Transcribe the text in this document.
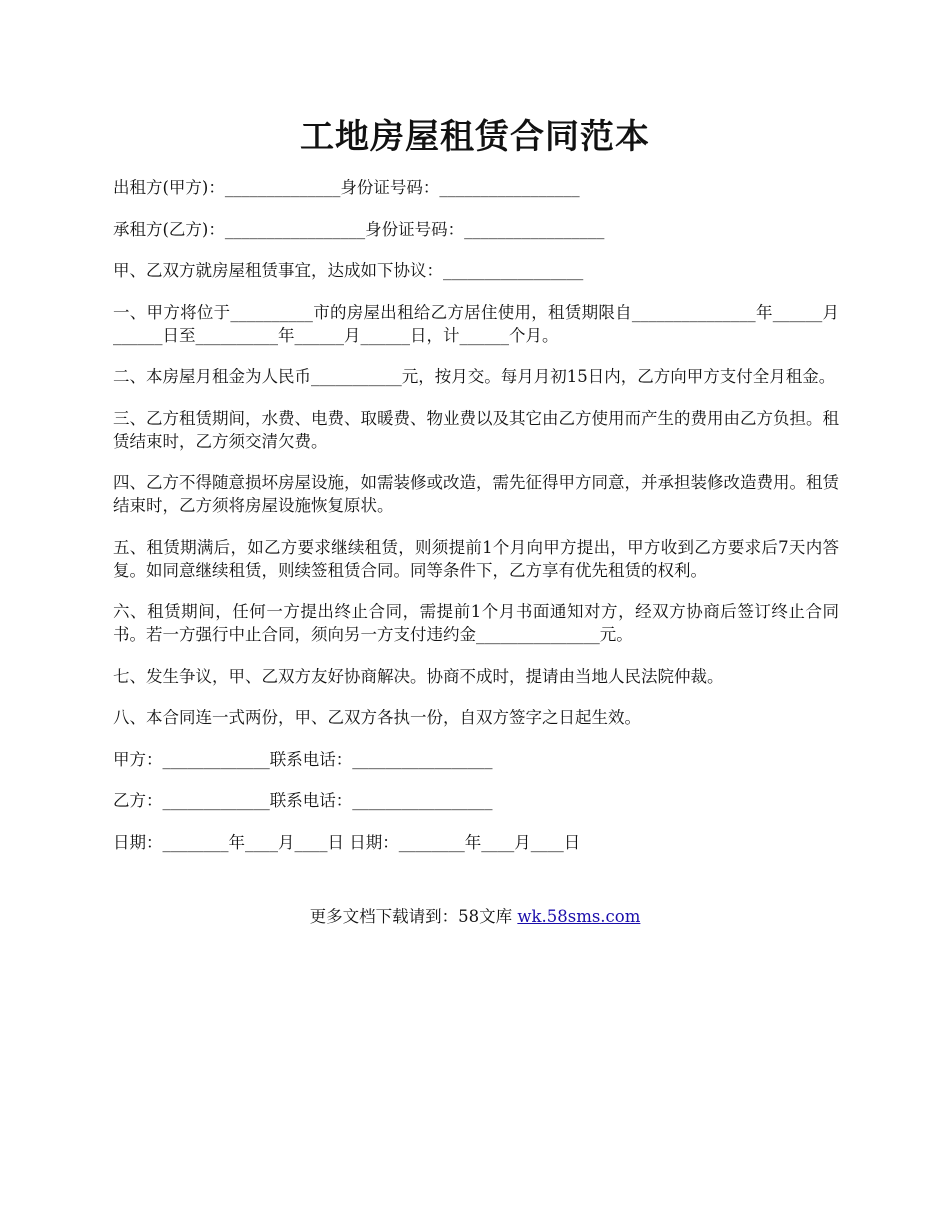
工地房屋租赁合同范本

出租方(甲方)：______________身份证号码：_________________

承租方(乙方)：_________________身份证号码：_________________

甲、乙双方就房屋租赁事宜，达成如下协议：_________________

一、甲方将位于__________市的房屋出租给乙方居住使用，租赁期限自_______________年______月______日至__________年______月______日，计______个月。

二、本房屋月租金为人民币___________元，按月交。每月月初15日内，乙方向甲方支付全月租金。

三、乙方租赁期间，水费、电费、取暖费、物业费以及其它由乙方使用而产生的费用由乙方负担。租赁结束时，乙方须交清欠费。

四、乙方不得随意损坏房屋设施，如需装修或改造，需先征得甲方同意，并承担装修改造费用。租赁结束时，乙方须将房屋设施恢复原状。

五、租赁期满后，如乙方要求继续租赁，则须提前1个月向甲方提出，甲方收到乙方要求后7天内答复。如同意继续租赁，则续签租赁合同。同等条件下，乙方享有优先租赁的权利。

六、租赁期间，任何一方提出终止合同，需提前1个月书面通知对方，经双方协商后签订终止合同书。若一方强行中止合同，须向另一方支付违约金_______________元。

七、发生争议，甲、乙双方友好协商解决。协商不成时，提请由当地人民法院仲裁。

八、本合同连一式两份，甲、乙双方各执一份，自双方签字之日起生效。

甲方：_____________联系电话：_________________

乙方：_____________联系电话：_________________

日期：________年____月____日 日期：________年____月____日

更多文档下载请到：58文库 wk.58sms.com
